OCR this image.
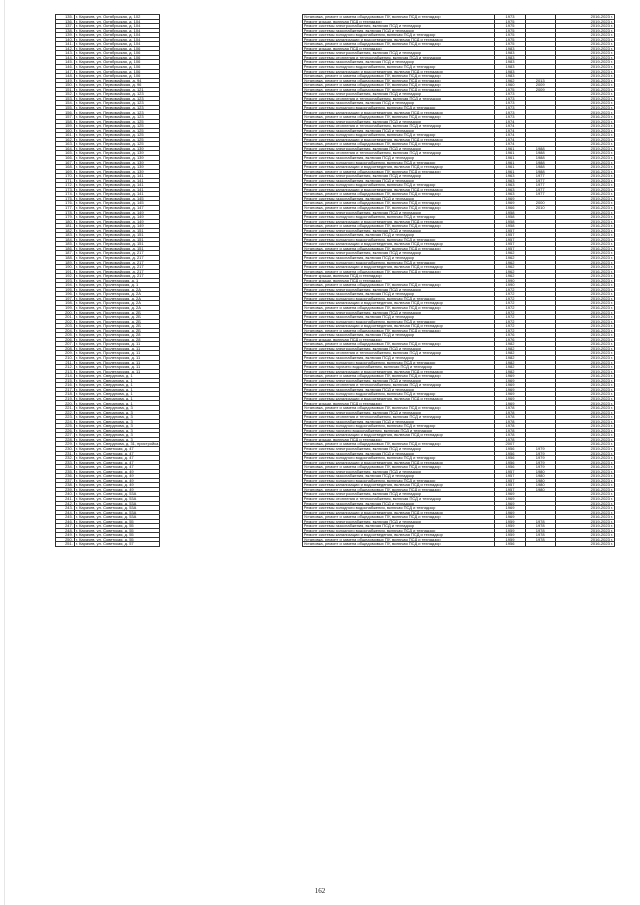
135.	г. Карачев, ул. Октябрьская, д. 102		Установка, ремонт и замена общедомовых ПУ, включая ПСД и технадзор	1973		2016-2023 г.
136.	г. Карачев, ул. Октябрьская, д. 104		Ремонт крыши, включая ПСД и технадзор	1975		2019-2023 г.
137.	г. Карачев, ул. Октябрьская, д. 104		Ремонт системы электроснабжения, включая ПСД и технадзор	1975		2019-2023 г.
138.	г. Карачев, ул. Октябрьская, д. 104		Ремонт системы газоснабжения, включая ПСД и технадзор	1975		2019-2023 г.
139.	г. Карачев, ул. Октябрьская, д. 104		Ремонт системы холодного водоснабжения, включая ПСД и технадзор	1975		2019-2023 г.
140.	г. Карачев, ул. Октябрьская, д. 104		Ремонт системы канализации и водоотведения, включая ПСД и технадзор	1975		2019-2023 г.
141.	г. Карачев, ул. Октябрьская, д. 104		Установка, ремонт и замена общедомовых ПУ, включая ПСД и технадзор	1975		2016-2023 г.
142.	г. Карачев, ул. Октябрьская, д. 106		Ремонт крыши, включая ПСД и технадзор	1983		2019-2023 г.
143.	г. Карачев, ул. Октябрьская, д. 106		Ремонт системы электроснабжения, включая ПСД и технадзор	1983		2019-2023 г.
144.	г. Карачев, ул. Октябрьская, д. 106		Ремонт системы отопления и теплоснабжения, включая ПСД и технадзор	1983		2019-2023 г.
145.	г. Карачев, ул. Октябрьская, д. 106		Ремонт системы газоснабжения, включая ПСД и технадзор	1983		2019-2023 г.
146.	г. Карачев, ул. Октябрьская, д. 106		Ремонт системы холодного водоснабжения, включая ПСД и технадзор	1983		2019-2023 г.
147.	г. Карачев, ул. Октябрьская, д. 106		Ремонт системы канализации и водоотведения, включая ПСД и технадзор	1983		2019-2023 г.
148.	г. Карачев, ул. Октябрьская, д. 106		Установка, ремонт и замена общедомовых ПУ, включая ПСД и технадзор	1983		2019-2023 г.
149.	г. Карачев, ул. Первомайская, д. 94		Установка, ремонт и замена общедомовых ПУ, включая ПСД и технадзор	1962	2013	2016-2023 г.
150.	г. Карачев, ул. Первомайская, д. 96		Установка, ремонт и замена общедомовых ПУ, включая ПСД и технадзор	1960	2009	2016-2023 г.
151.	г. Карачев, ул. Первомайская, д. 121		Установка, ремонт и замена общедомовых ПУ, включая ПСД и технадзор	1975	2009	2016-2023 г.
152.	г. Карачев, ул. Первомайская, д. 123		Ремонт системы электроснабжения, включая ПСД и технадзор	1973		2019-2023 г.
153.	г. Карачев, ул. Первомайская, д. 123		Ремонт системы отопления и теплоснабжения, включая ПСД и технадзор	1973		2019-2023 г.
154.	г. Карачев, ул. Первомайская, д. 123		Ремонт системы газоснабжения, включая ПСД и технадзор	1973		2019-2023 г.
155.	г. Карачев, ул. Первомайская, д. 123		Ремонт системы холодного водоснабжения, включая ПСД и технадзор	1973		2019-2023 г.
156.	г. Карачев, ул. Первомайская, д. 123		Ремонт системы канализации и водоотведения, включая ПСД и технадзор	1973		2019-2023 г.
157.	г. Карачев, ул. Первомайская, д. 123		Установка, ремонт и замена общедомовых ПУ, включая ПСД и технадзор	1973		2016-2023 г.
158.	г. Карачев, ул. Первомайская, д. 125		Ремонт системы электроснабжения, включая ПСД и технадзор	1974		2019-2023 г.
159.	г. Карачев, ул. Первомайская, д. 125		Ремонт системы отопления и теплоснабжения, включая ПСД и технадзор	1974		2019-2023 г.
160.	г. Карачев, ул. Первомайская, д. 125		Ремонт системы газоснабжения, включая ПСД и технадзор	1974		2019-2023 г.
161.	г. Карачев, ул. Первомайская, д. 125		Ремонт системы холодного водоснабжения, включая ПСД и технадзор	1974		2019-2023 г.
162.	г. Карачев, ул. Первомайская, д. 125		Ремонт системы канализации и водоотведения, включая ПСД и технадзор	1974		2019-2023 г.
163.	г. Карачев, ул. Первомайская, д. 125		Установка, ремонт и замена общедомовых ПУ, включая ПСД и технадзор	1974		2016-2023 г.
164.	г. Карачев, ул. Первомайская, д. 139		Ремонт системы электроснабжения, включая ПСД и технадзор	1961	1988	2019-2023 г.
165.	г. Карачев, ул. Первомайская, д. 139		Ремонт системы отопления и теплоснабжения, включая ПСД и технадзор	1961	1988	2019-2023 г.
166.	г. Карачев, ул. Первомайская, д. 139		Ремонт системы газоснабжения, включая ПСД и технадзор	1961	1988	2019-2023 г.
167.	г. Карачев, ул. Первомайская, д. 139		Ремонт системы холодного водоснабжения, включая ПСД и технадзор	1961	1988	2019-2023 г.
168.	г. Карачев, ул. Первомайская, д. 139		Ремонт системы канализации и водоотведения, включая ПСД и технадзор	1961	1988	2019-2023 г.
169.	г. Карачев, ул. Первомайская, д. 139		Установка, ремонт и замена общедомовых ПУ, включая ПСД и технадзор	1961	1988	2016-2023 г.
170.	г. Карачев, ул. Первомайская, д. 141		Ремонт системы электроснабжения, включая ПСД и технадзор	1963	1977	2019-2023 г.
171.	г. Карачев, ул. Первомайская, д. 141		Ремонт системы газоснабжения, включая ПСД и технадзор	1963	1977	2019-2023 г.
172.	г. Карачев, ул. Первомайская, д. 141		Ремонт системы холодного водоснабжения, включая ПСД и технадзор	1963	1977	2019-2023 г.
173.	г. Карачев, ул. Первомайская, д. 141		Ремонт системы канализации и водоотведения, включая ПСД и технадзор	1963	1977	2019-2023 г.
174.	г. Карачев, ул. Первомайская, д. 141		Установка, ремонт и замена общедомовых ПУ, включая ПСД и технадзор	1963	1977	2016-2023 г.
175.	г. Карачев, ул. Первомайская, д. 145		Ремонт системы газоснабжения, включая ПСД и технадзор	1969		2019-2023 г.
176.	г. Карачев, ул. Первомайская, д. 145		Установка, ремонт и замена общедомовых ПУ, включая ПСД и технадзор	1969	2000	2016-2023 г.
177.	г. Карачев, ул. Первомайская, д. 147		Установка, ремонт и замена общедомовых ПУ, включая ПСД и технадзор	1966	2010	2016-2023 г.
178.	г. Карачев, ул. Первомайская, д. 149		Ремонт системы электроснабжения, включая ПСД и технадзор	1958		2019-2023 г.
179.	г. Карачев, ул. Первомайская, д. 149		Ремонт системы холодного водоснабжения, включая ПСД и технадзор	1958		2019-2023 г.
180.	г. Карачев, ул. Первомайская, д. 149		Ремонт системы канализации и водоотведения, включая ПСД и технадзор	1958		2019-2023 г.
181.	г. Карачев, ул. Первомайская, д. 149		Установка, ремонт и замена общедомовых ПУ, включая ПСД и технадзор	1958		2016-2023 г.
182.	г. Карачев, ул. Первомайская, д. 151		Ремонт системы электроснабжения, включая ПСД и технадзор	1957		2019-2023 г.
183.	г. Карачев, ул. Первомайская, д. 151		Ремонт системы газоснабжения, включая ПСД и технадзор	1957		2019-2023 г.
184.	г. Карачев, ул. Первомайская, д. 151		Ремонт системы холодного водоснабжения, включая ПСД и технадзор	1957		2019-2023 г.
185.	г. Карачев, ул. Первомайская, д. 151		Ремонт системы канализации и водоотведения, включая ПСД и технадзор	1957		2019-2023 г.
186.	г. Карачев, ул. Первомайская, д. 151		Установка, ремонт и замена общедомовых ПУ, включая ПСД и технадзор	1957		2016-2023 г.
187.	г. Карачев, ул. Первомайская, д. 217		Ремонт системы электроснабжения, включая ПСД и технадзор	1962		2019-2023 г.
188.	г. Карачев, ул. Первомайская, д. 217		Ремонт системы газоснабжения, включая ПСД и технадзор	1962		2019-2023 г.
189.	г. Карачев, ул. Первомайская, д. 217		Ремонт системы холодного водоснабжения, включая ПСД и технадзор	1962		2019-2023 г.
190.	г. Карачев, ул. Первомайская, д. 217		Ремонт системы канализации и водоотведения, включая ПСД и технадзор	1962		2019-2023 г.
191.	г. Карачев, ул. Первомайская, д. 217		Установка, ремонт и замена общедомовых ПУ, включая ПСД и технадзор	1962		2016-2023 г.
192.	г. Карачев, ул. Первомайская, д. 217		Ремонт крыши, включая ПСД и технадзор	1962		2019-2023 г.
193.	г. Карачев, ул. Пролетарская, д. 1		Ремонт крыши, включая ПСД и технадзор	1990		2019-2023 г.
194.	г. Карачев, ул. Пролетарская, д. 1		Установка, ремонт и замена общедомовых ПУ, включая ПСД и технадзор	1990		2016-2023 г.
195.	г. Карачев, ул. Пролетарская, д. 2А		Ремонт системы электроснабжения, включая ПСД и технадзор	1972		2019-2023 г.
196.	г. Карачев, ул. Пролетарская, д. 2А		Ремонт системы газоснабжения, включая ПСД и технадзор	1972		2019-2023 г.
197.	г. Карачев, ул. Пролетарская, д. 2А		Ремонт системы холодного водоснабжения, включая ПСД и технадзор	1972		2019-2023 г.
198.	г. Карачев, ул. Пролетарская, д. 2А		Ремонт системы канализации и водоотведения, включая ПСД и технадзор	1972		2019-2023 г.
199.	г. Карачев, ул. Пролетарская, д. 2А		Установка, ремонт и замена общедомовых ПУ, включая ПСД и технадзор	1972		2016-2023 г.
200.	г. Карачев, ул. Пролетарская, д. 2Б		Ремонт системы электроснабжения, включая ПСД и технадзор	1972		2019-2023 г.
201.	г. Карачев, ул. Пролетарская, д. 2Б		Ремонт системы газоснабжения, включая ПСД и технадзор	1972		2019-2023 г.
202.	г. Карачев, ул. Пролетарская, д. 2Б		Ремонт системы холодного водоснабжения, включая ПСД и технадзор	1972		2019-2023 г.
203.	г. Карачев, ул. Пролетарская, д. 2Б		Ремонт системы канализации и водоотведения, включая ПСД и технадзор	1972		2019-2023 г.
204.	г. Карачев, ул. Пролетарская, д. 2Б		Установка, ремонт и замена общедомовых ПУ, включая ПСД и технадзор	1972		2016-2023 г.
205.	г. Карачев, ул. Пролетарская, д. 28		Ремонт системы газоснабжения, включая ПСД и технадзор	1976		2019-2023 г.
206.	г. Карачев, ул. Пролетарская, д. 28		Ремонт крыши, включая ПСД и технадзор	1976		2019-2023 г.
207.	г. Карачев, ул. Пролетарская, д. 11		Установка, ремонт и замена общедомовых ПУ, включая ПСД и технадзор	1982		2016-2023 г.
208.	г. Карачев, ул. Пролетарская, д. 11		Ремонт системы электроснабжения, включая ПСД и технадзор	1982		2019-2023 г.
209.	г. Карачев, ул. Пролетарская, д. 11		Ремонт системы отопления и теплоснабжения, включая ПСД и технадзор	1982		2019-2023 г.
210.	г. Карачев, ул. Пролетарская, д. 11		Ремонт системы газоснабжения, включая ПСД и технадзор	1982		2019-2023 г.
211.	г. Карачев, ул. Пролетарская, д. 11		Ремонт системы холодного водоснабжения, включая ПСД и технадзор	1982		2019-2023 г.
212.	г. Карачев, ул. Пролетарская, д. 11		Ремонт системы горячего водоснабжения, включая ПСД и технадзор	1982		2019-2023 г.
213.	г. Карачев, ул. Пролетарская, д. 11		Ремонт системы канализации и водоотведения, включая ПСД и технадзор	1982		2019-2023 г.
214.	г. Карачев, ул. Свердлова, д. 1		Установка, ремонт и замена общедомовых ПУ, включая ПСД и технадзор	1969		2016-2023 г.
215.	г. Карачев, ул. Свердлова, д. 1		Ремонт системы электроснабжения, включая ПСД и технадзор	1969		2019-2023 г.
216.	г. Карачев, ул. Свердлова, д. 1		Ремонт системы отопления и теплоснабжения, включая ПСД и технадзор	1969		2019-2023 г.
217.	г. Карачев, ул. Свердлова, д. 1		Ремонт системы газоснабжения, включая ПСД и технадзор	1969		2019-2023 г.
218.	г. Карачев, ул. Свердлова, д. 1		Ремонт системы холодного водоснабжения, включая ПСД и технадзор	1969		2019-2023 г.
219.	г. Карачев, ул. Свердлова, д. 1		Ремонт системы канализации и водоотведения, включая ПСД и технадзор	1969		2019-2023 г.
220.	г. Карачев, ул. Свердлова, д. 1		Ремонт крыши, включая ПСД и технадзор	1969		2019-2023 г.
221.	г. Карачев, ул. Свердлова, д. 3		Установка, ремонт и замена общедомовых ПУ, включая ПСД и технадзор	1978		2016-2023 г.
222.	г. Карачев, ул. Свердлова, д. 3		Ремонт системы электроснабжения, включая ПСД и технадзор	1978		2019-2023 г.
223.	г. Карачев, ул. Свердлова, д. 3		Ремонт системы отопления и теплоснабжения, включая ПСД и технадзор	1978		2019-2023 г.
224.	г. Карачев, ул. Свердлова, д. 3		Ремонт системы газоснабжения, включая ПСД и технадзор	1978		2019-2023 г.
225.	г. Карачев, ул. Свердлова, д. 3		Ремонт системы холодного водоснабжения, включая ПСД и технадзор	1978		2019-2023 г.
226.	г. Карачев, ул. Свердлова, д. 3		Ремонт системы горячего водоснабжения, включая ПСД и технадзор	1978		2019-2023 г.
227.	г. Карачев, ул. Свердлова, д. 3		Ремонт системы канализации и водоотведения, включая ПСД и технадзор	1978		2019-2023 г.
228.	г. Карачев, ул. Свердлова, д. 3		Ремонт крыши, включая ПСД и технадзор	1978		2019-2023 г.
229.	г. Карачев, ул. Свердлова, д. 31, пристройка		Установка, ремонт и замена общедомовых ПУ, включая ПСД и технадзор	2007		2016-2023 г.
230.	г. Карачев, ул. Советская, д. 47		Ремонт системы электроснабжения, включая ПСД и технадзор	1956	1979	2019-2023 г.
231.	г. Карачев, ул. Советская, д. 47		Ремонт системы газоснабжения, включая ПСД и технадзор	1956	1979	2019-2023 г.
232.	г. Карачев, ул. Советская, д. 47		Ремонт системы холодного водоснабжения, включая ПСД и технадзор	1956	1979	2019-2023 г.
233.	г. Карачев, ул. Советская, д. 47		Ремонт системы канализации и водоотведения, включая ПСД и технадзор	1956	1979	2019-2023 г.
234.	г. Карачев, ул. Советская, д. 47		Установка, ремонт и замена общедомовых ПУ, включая ПСД и технадзор	1956	1979	2016-2023 г.
235.	г. Карачев, ул. Советская, д. 49		Ремонт системы электроснабжения, включая ПСД и технадзор	1957	1980	2019-2023 г.
236.	г. Карачев, ул. Советская, д. 49		Ремонт системы газоснабжения, включая ПСД и технадзор	1957	1980	2019-2023 г.
237.	г. Карачев, ул. Советская, д. 49		Ремонт системы холодного водоснабжения, включая ПСД и технадзор	1957	1980	2019-2023 г.
238.	г. Карачев, ул. Советская, д. 49		Ремонт системы канализации и водоотведения, включая ПСД и технадзор	1957	1980	2019-2023 г.
239.	г. Карачев, ул. Советская, д. 49		Установка, ремонт и замена общедомовых ПУ, включая ПСД и технадзор	1957	1980	2016-2023 г.
240.	г. Карачев, ул. Советская, д. 53А		Ремонт системы электроснабжения, включая ПСД и технадзор	1969		2019-2023 г.
241.	г. Карачев, ул. Советская, д. 53А		Ремонт системы отопления и теплоснабжения, включая ПСД и технадзор	1969		2019-2023 г.
242.	г. Карачев, ул. Советская, д. 53А		Ремонт системы газоснабжения, включая ПСД и технадзор	1969		2019-2023 г.
243.	г. Карачев, ул. Советская, д. 53А		Ремонт системы холодного водоснабжения, включая ПСД и технадзор	1969		2019-2023 г.
244.	г. Карачев, ул. Советская, д. 53А		Ремонт системы канализации и водоотведения, включая ПСД и технадзор	1969		2019-2023 г.
245.	г. Карачев, ул. Советская, д. 53А		Установка, ремонт и замена общедомовых ПУ, включая ПСД и технадзор	1969		2016-2023 г.
246.	г. Карачев, ул. Советская, д. 55		Ремонт системы электроснабжения, включая ПСД и технадзор	1959	1978	2019-2023 г.
247.	г. Карачев, ул. Советская, д. 55		Ремонт системы газоснабжения, включая ПСД и технадзор	1959	1978	2019-2023 г.
248.	г. Карачев, ул. Советская, д. 55		Ремонт системы холодного водоснабжения, включая ПСД и технадзор	1959	1978	2019-2023 г.
249.	г. Карачев, ул. Советская, д. 55		Ремонт системы канализации и водоотведения, включая ПСД и технадзор	1959	1978	2019-2023 г.
250.	г. Карачев, ул. Советская, д. 55		Установка, ремонт и замена общедомовых ПУ, включая ПСД и технадзор	1959	1978	2016-2023 г.
251.	г. Карачев, ул. Советская, д. 57		Установка, ремонт и замена общедомовых ПУ, включая ПСД и технадзор	1956		2016-2023 г.
162
